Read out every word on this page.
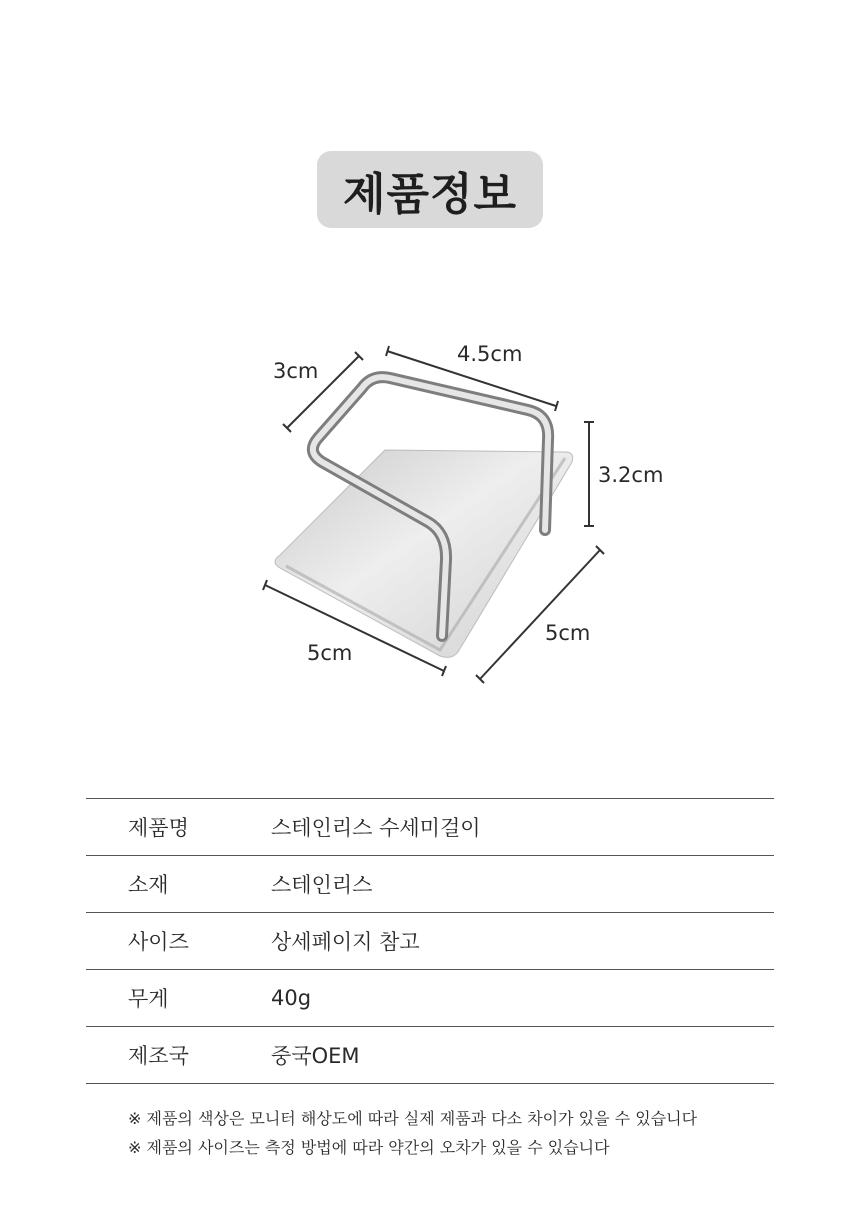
제품정보
3cm
4.5cm
3.2cm
5cm
5cm
제품명	스테인리스 수세미걸이
소재	스테인리스
사이즈	상세페이지 참고
무게	40g
제조국	중국OEM
※ 제품의 색상은 모니터 해상도에 따라 실제 제품과 다소 차이가 있을 수 있습니다
※ 제품의 사이즈는 측정 방법에 따라 약간의 오차가 있을 수 있습니다
